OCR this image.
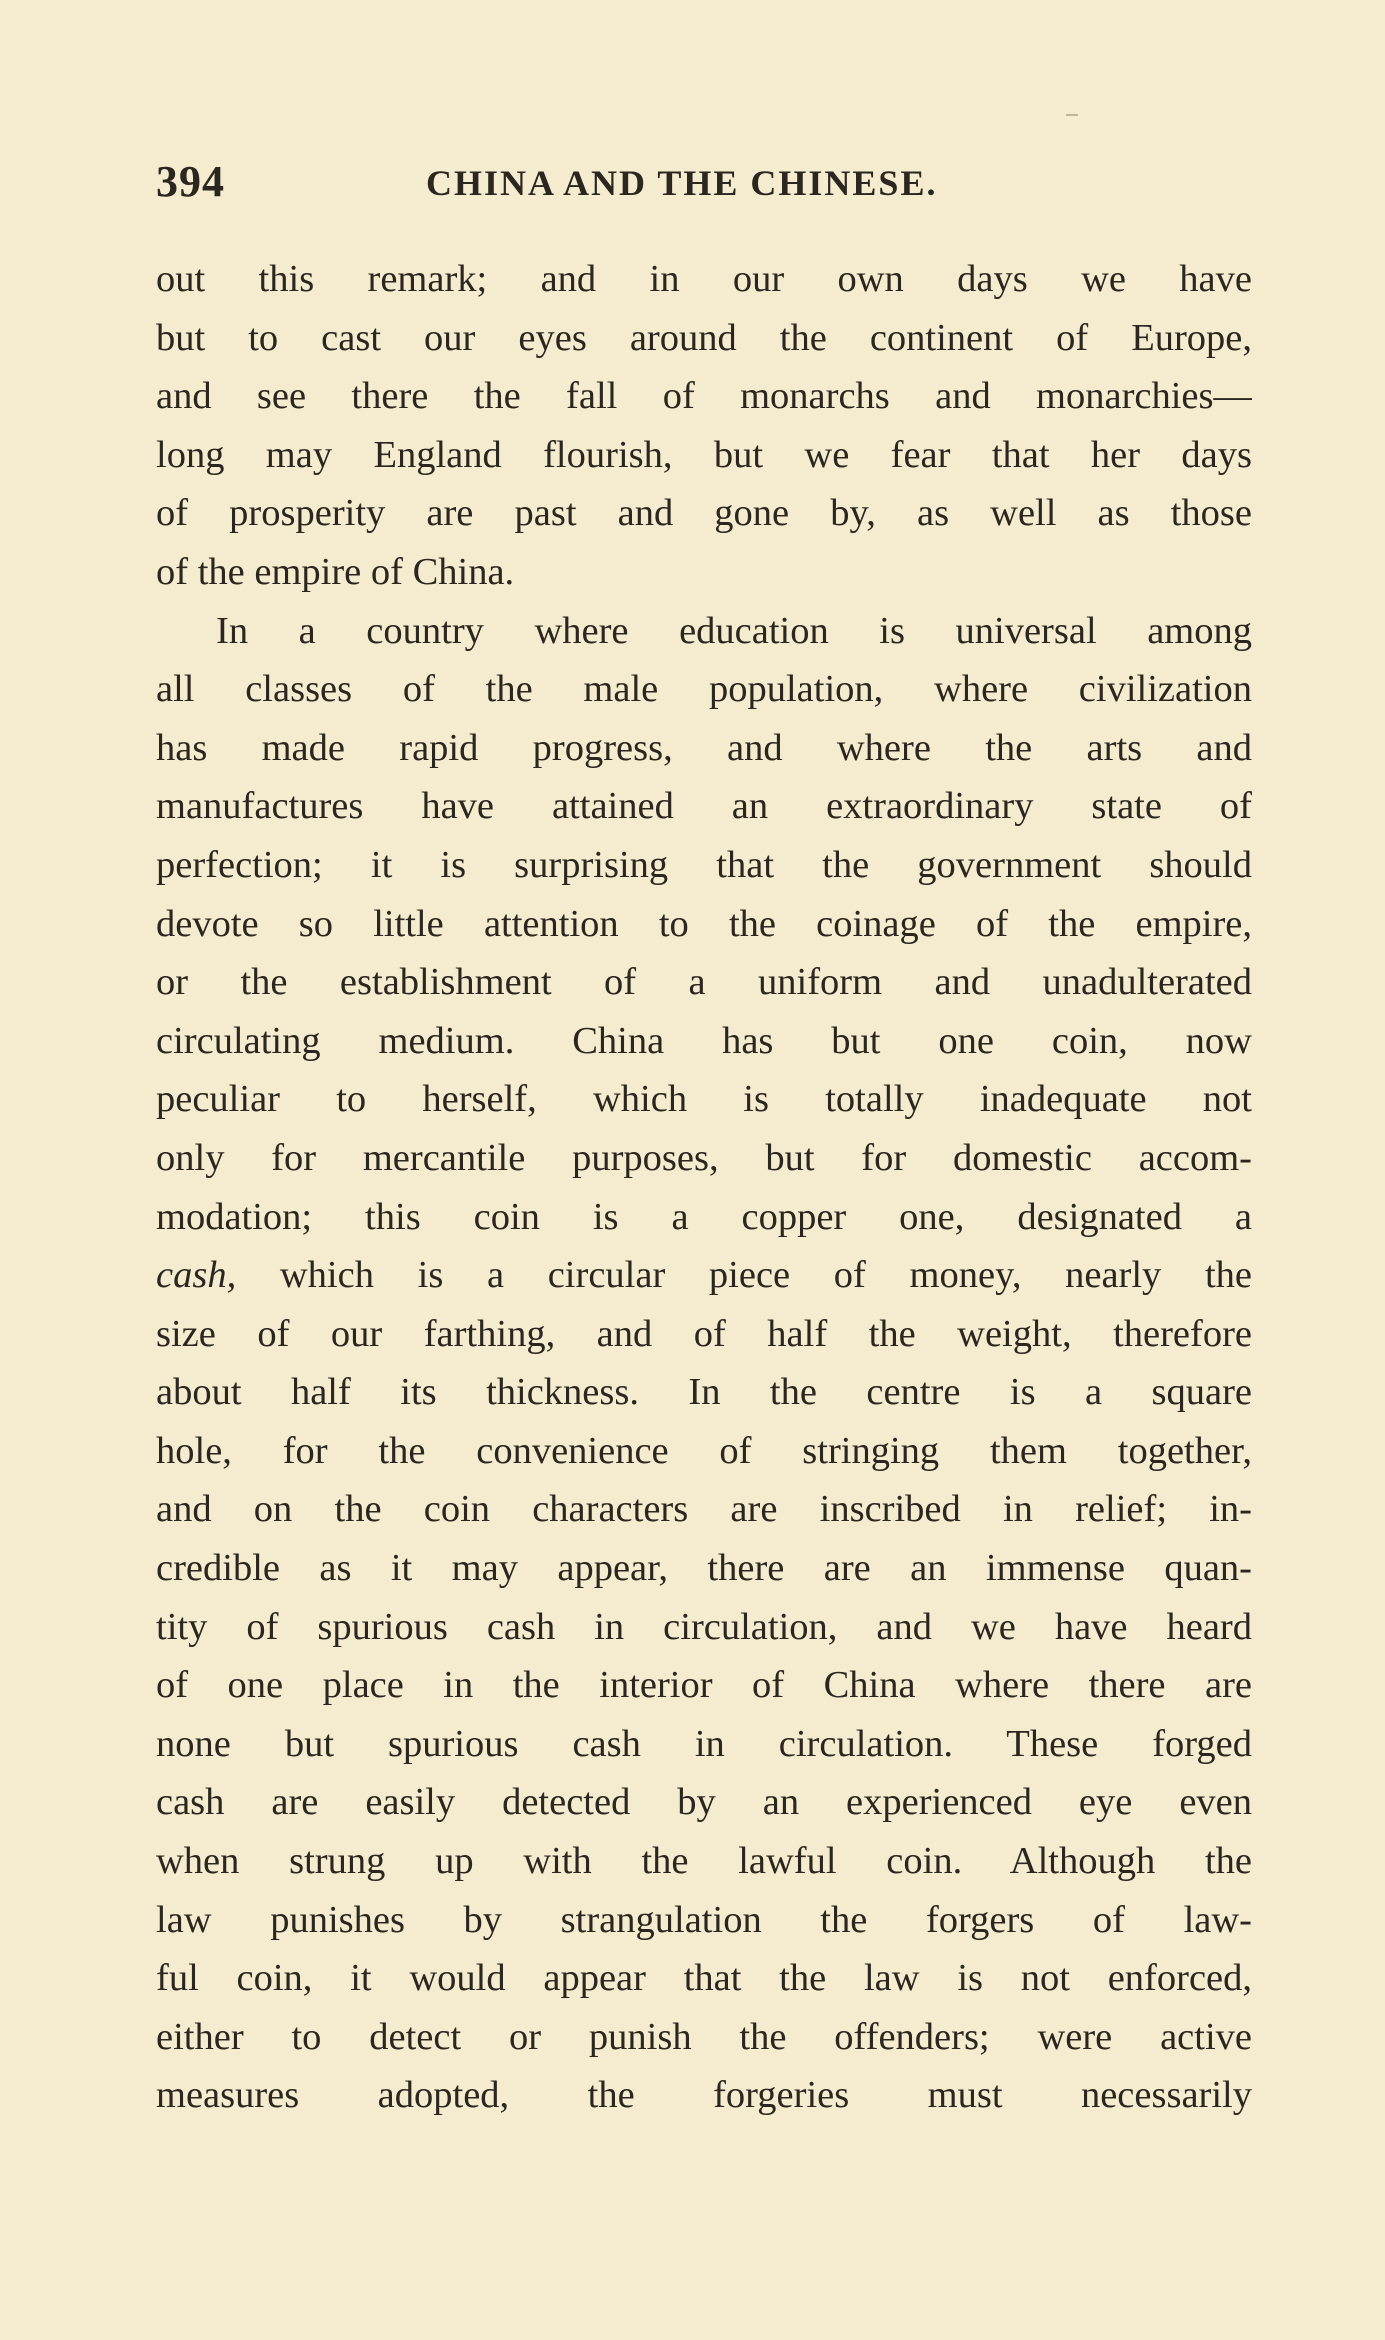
394	CHINA AND THE CHINESE.
out this remark; and in our own days we have
but to cast our eyes around the continent of Europe,
and see there the fall of monarchs and monarchies—
long may England flourish, but we fear that her days
of prosperity are past and gone by, as well as those
of the empire of China.
In a country where education is universal among
all classes of the male population, where civilization
has made rapid progress, and where the arts and
manufactures have attained an extraordinary state of
perfection; it is surprising that the government should
devote so little attention to the coinage of the empire,
or the establishment of a uniform and unadulterated
circulating medium. China has but one coin, now
peculiar to herself, which is totally inadequate not
only for mercantile purposes, but for domestic accom-
modation; this coin is a copper one, designated a
cash, which is a circular piece of money, nearly the
size of our farthing, and of half the weight, therefore
about half its thickness. In the centre is a square
hole, for the convenience of stringing them together,
and on the coin characters are inscribed in relief; in-
credible as it may appear, there are an immense quan-
tity of spurious cash in circulation, and we have heard
of one place in the interior of China where there are
none but spurious cash in circulation. These forged
cash are easily detected by an experienced eye even
when strung up with the lawful coin. Although the
law punishes by strangulation the forgers of law-
ful coin, it would appear that the law is not enforced,
either to detect or punish the offenders; were active
measures adopted, the forgeries must necessarily
